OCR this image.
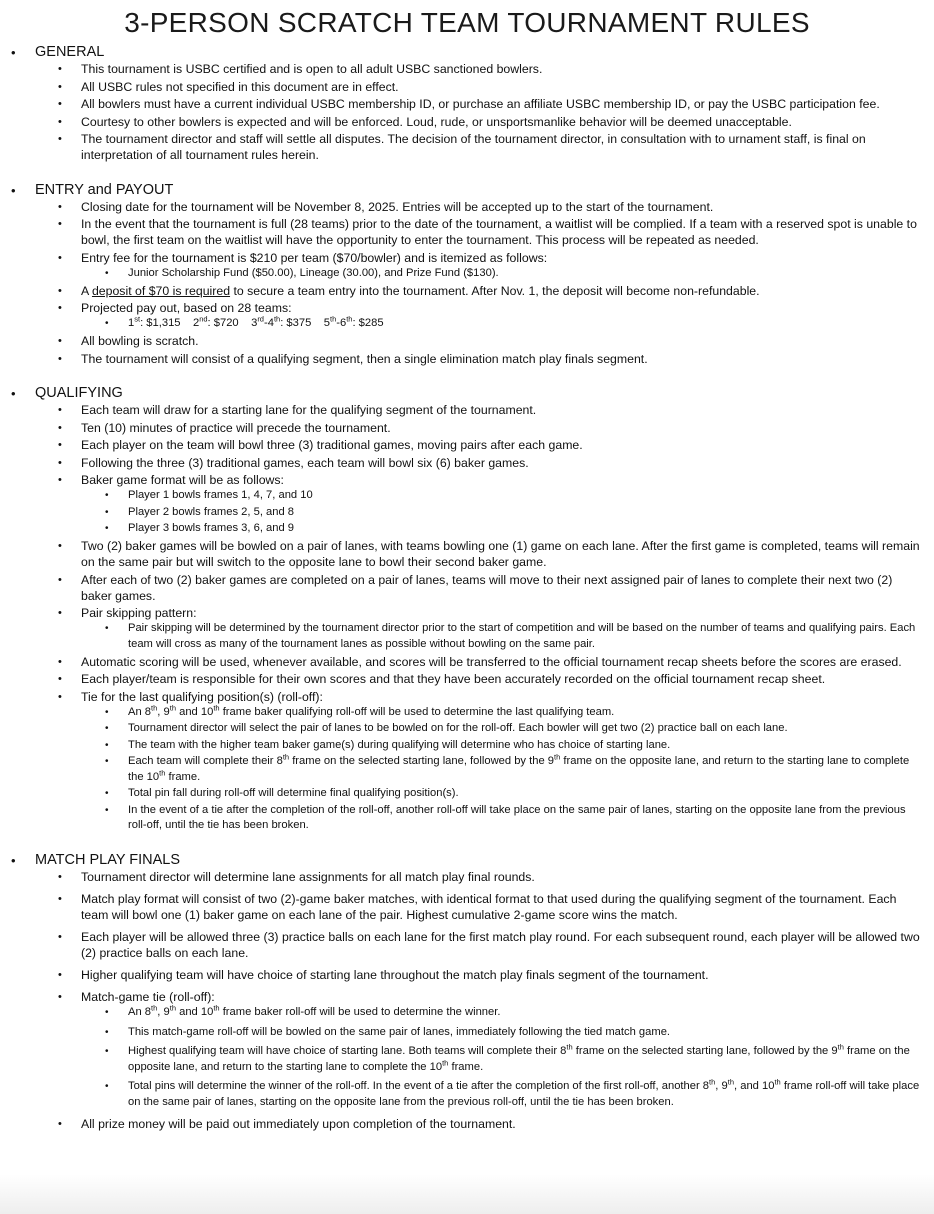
3-PERSON SCRATCH TEAM TOURNAMENT RULES
• GENERAL
• This tournament is USBC certified and is open to all adult USBC sanctioned bowlers.
• All USBC rules not specified in this document are in effect.
• All bowlers must have a current individual USBC membership ID, or purchase an affiliate USBC membership ID, or pay the USBC participation fee.
• Courtesy to other bowlers is expected and will be enforced. Loud, rude, or unsportsmanlike behavior will be deemed unacceptable.
• The tournament director and staff will settle all disputes. The decision of the tournament director, in consultation with to urnament staff, is final on interpretation of all tournament rules herein.
• ENTRY and PAYOUT
• Closing date for the tournament will be November 8, 2025. Entries will be accepted up to the start of the tournament.
• In the event that the tournament is full (28 teams) prior to the date of the tournament, a waitlist will be complied. If a team with a reserved spot is unable to bowl, the first team on the waitlist will have the opportunity to enter the tournament. This process will be repeated as needed.
• Entry fee for the tournament is $210 per team ($70/bowler) and is itemized as follows:
• Junior Scholarship Fund ($50.00), Lineage (30.00), and Prize Fund ($130).
• A deposit of $70 is required to secure a team entry into the tournament. After Nov. 1, the deposit will become non-refundable.
• Projected pay out, based on 28 teams:
• 1st: $1,315 2nd: $720 3rd-4th: $375 5th-6th: $285
• All bowling is scratch.
• The tournament will consist of a qualifying segment, then a single elimination match play finals segment.
• QUALIFYING
• Each team will draw for a starting lane for the qualifying segment of the tournament.
• Ten (10) minutes of practice will precede the tournament.
• Each player on the team will bowl three (3) traditional games, moving pairs after each game.
• Following the three (3) traditional games, each team will bowl six (6) baker games.
• Baker game format will be as follows:
• Player 1 bowls frames 1, 4, 7, and 10
• Player 2 bowls frames 2, 5, and 8
• Player 3 bowls frames 3, 6, and 9
• Two (2) baker games will be bowled on a pair of lanes, with teams bowling one (1) game on each lane. After the first game is completed, teams will remain on the same pair but will switch to the opposite lane to bowl their second baker game.
• After each of two (2) baker games are completed on a pair of lanes, teams will move to their next assigned pair of lanes to complete their next two (2) baker games.
• Pair skipping pattern:
• Pair skipping will be determined by the tournament director prior to the start of competition and will be based on the number of teams and qualifying pairs. Each team will cross as many of the tournament lanes as possible without bowling on the same pair.
• Automatic scoring will be used, whenever available, and scores will be transferred to the official tournament recap sheets before the scores are erased.
• Each player/team is responsible for their own scores and that they have been accurately recorded on the official tournament recap sheet.
• Tie for the last qualifying position(s) (roll-off):
• An 8th, 9th and 10th frame baker qualifying roll-off will be used to determine the last qualifying team.
• Tournament director will select the pair of lanes to be bowled on for the roll-off. Each bowler will get two (2) practice ball on each lane.
• The team with the higher team baker game(s) during qualifying will determine who has choice of starting lane.
• Each team will complete their 8th frame on the selected starting lane, followed by the 9th frame on the opposite lane, and return to the starting lane to complete the 10th frame.
• Total pin fall during roll-off will determine final qualifying position(s).
• In the event of a tie after the completion of the roll-off, another roll-off will take place on the same pair of lanes, starting on the opposite lane from the previous roll-off, until the tie has been broken.
• MATCH PLAY FINALS
• Tournament director will determine lane assignments for all match play final rounds.
• Match play format will consist of two (2)-game baker matches, with identical format to that used during the qualifying segment of the tournament. Each team will bowl one (1) baker game on each lane of the pair. Highest cumulative 2-game score wins the match.
• Each player will be allowed three (3) practice balls on each lane for the first match play round. For each subsequent round, each player will be allowed two (2) practice balls on each lane.
• Higher qualifying team will have choice of starting lane throughout the match play finals segment of the tournament.
• Match-game tie (roll-off):
• An 8th, 9th and 10th frame baker roll-off will be used to determine the winner.
• This match-game roll-off will be bowled on the same pair of lanes, immediately following the tied match game.
• Highest qualifying team will have choice of starting lane. Both teams will complete their 8th frame on the selected starting lane, followed by the 9th frame on the opposite lane, and return to the starting lane to complete the 10th frame.
• Total pins will determine the winner of the roll-off. In the event of a tie after the completion of the first roll-off, another 8th, 9th, and 10th frame roll-off will take place on the same pair of lanes, starting on the opposite lane from the previous roll-off, until the tie has been broken.
• All prize money will be paid out immediately upon completion of the tournament.
